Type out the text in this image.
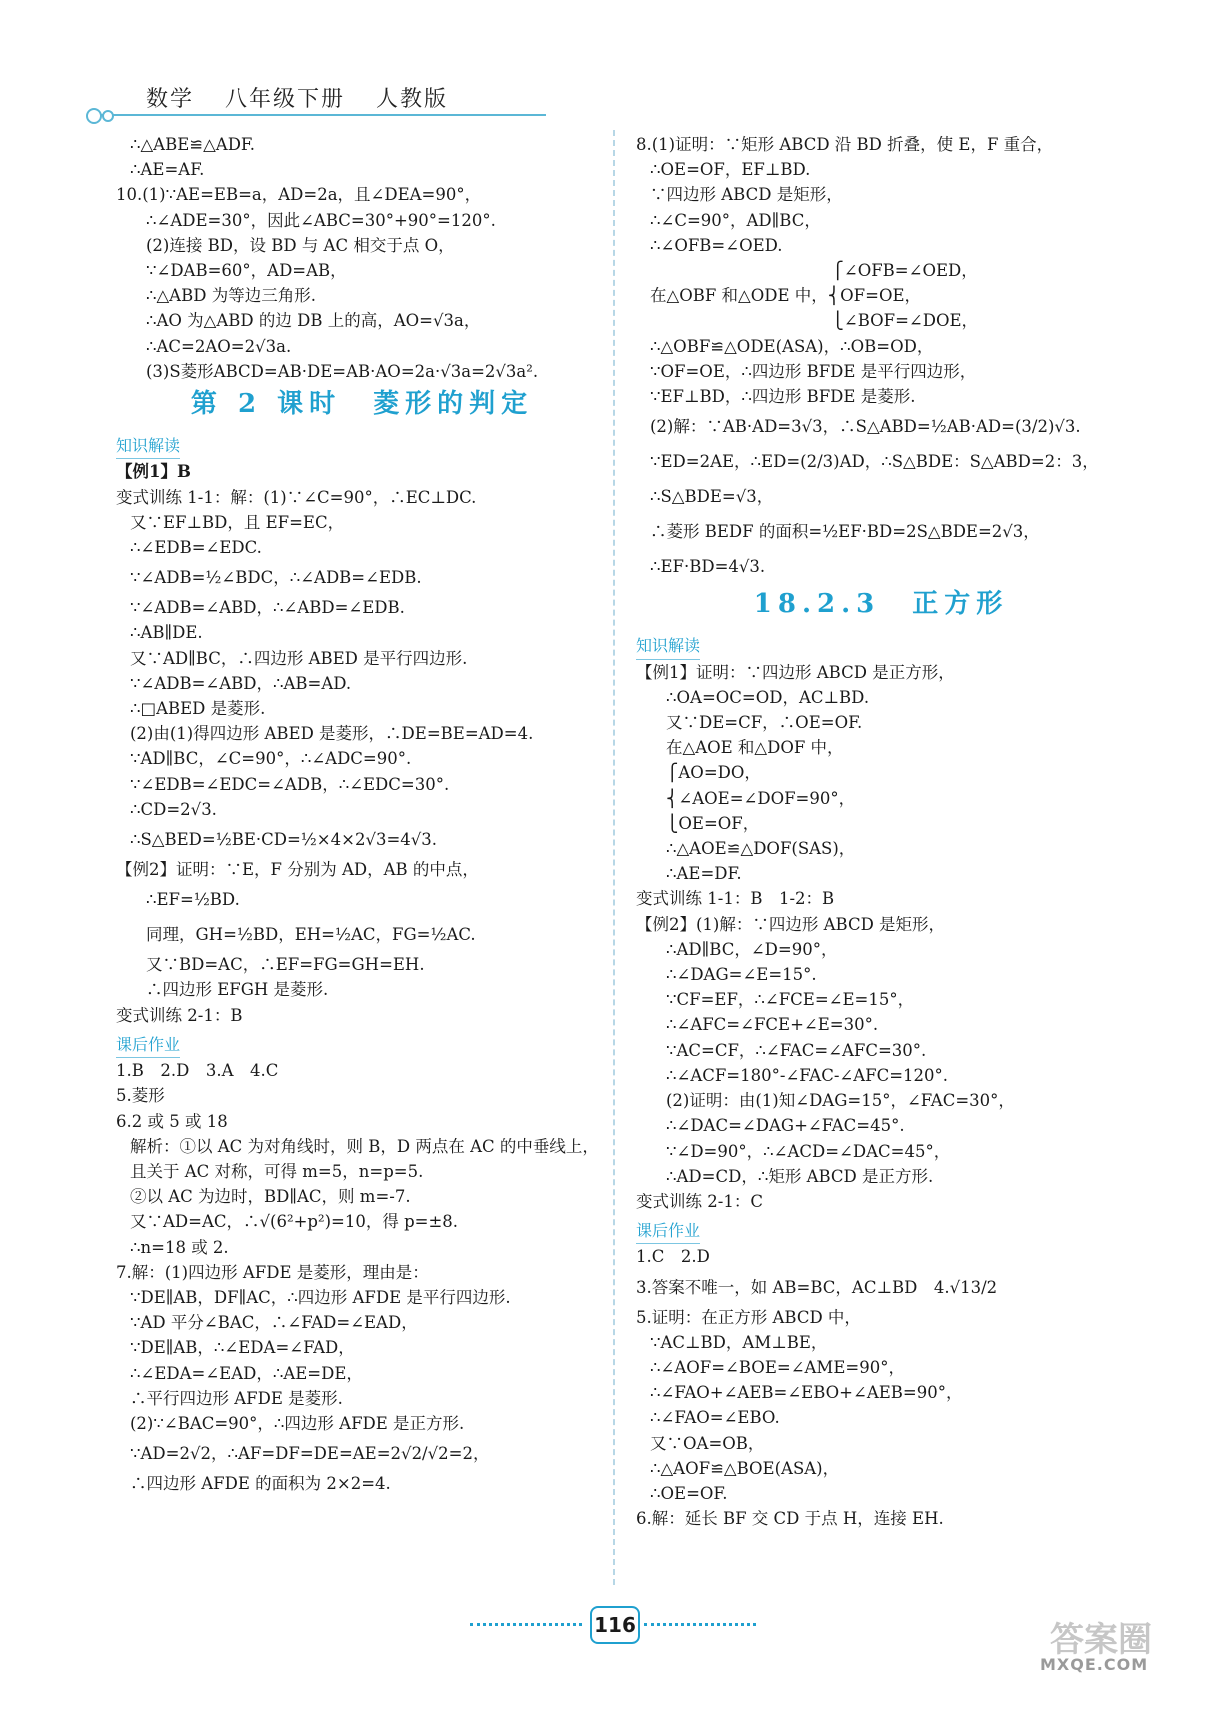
数学 八年级下册 人教版
∴△ABE≌△ADF.
∴AE=AF.
10.(1)∵AE=EB=a，AD=2a，且∠DEA=90°，
∴∠ADE=30°，因此∠ABC=30°+90°=120°.
(2)连接 BD，设 BD 与 AC 相交于点 O，
∵∠DAB=60°，AD=AB，
∴△ABD 为等边三角形.
∴AO 为△ABD 的边 DB 上的高，AO=√3a，
∴AC=2AO=2√3a.
(3)S菱形ABCD=AB·DE=AB·AO=2a·√3a=2√3a².
第 2 课时　菱形的判定
知识解读
【例1】B
变式训练 1-1：解：(1)∵∠C=90°，∴EC⊥DC.
又∵EF⊥BD，且 EF=EC，
∴∠EDB=∠EDC.
∵∠ADB=½∠BDC，∴∠ADB=∠EDB.
∵∠ADB=∠ABD，∴∠ABD=∠EDB.
∴AB∥DE.
又∵AD∥BC，∴四边形 ABED 是平行四边形.
∵∠ADB=∠ABD，∴AB=AD.
∴□ABED 是菱形.
(2)由(1)得四边形 ABED 是菱形，∴DE=BE=AD=4.
∵AD∥BC，∠C=90°，∴∠ADC=90°.
∵∠EDB=∠EDC=∠ADB，∴∠EDC=30°.
∴CD=2√3.
∴S△BED=½BE·CD=½×4×2√3=4√3.
【例2】证明：∵E，F 分别为 AD，AB 的中点，
∴EF=½BD.
同理，GH=½BD，EH=½AC，FG=½AC.
又∵BD=AC，∴EF=FG=GH=EH.
∴四边形 EFGH 是菱形.
变式训练 2-1：B
课后作业
1.B　2.D　3.A　4.C
5.菱形
6.2 或 5 或 18
解析：①以 AC 为对角线时，则 B，D 两点在 AC 的中垂线上，
且关于 AC 对称，可得 m=5，n=p=5.
②以 AC 为边时，BD∥AC，则 m=-7.
又∵AD=AC，∴√(6²+p²)=10，得 p=±8.
∴n=18 或 2.
7.解：(1)四边形 AFDE 是菱形，理由是：
∵DE∥AB，DF∥AC，∴四边形 AFDE 是平行四边形.
∵AD 平分∠BAC，∴∠FAD=∠EAD，
∵DE∥AB，∴∠EDA=∠FAD，
∴∠EDA=∠EAD，∴AE=DE，
∴平行四边形 AFDE 是菱形.
(2)∵∠BAC=90°，∴四边形 AFDE 是正方形.
∵AD=2√2，∴AF=DF=DE=AE=2√2/√2=2，
∴四边形 AFDE 的面积为 2×2=4.
8.(1)证明：∵矩形 ABCD 沿 BD 折叠，使 E，F 重合，
∴OE=OF，EF⊥BD.
∵四边形 ABCD 是矩形，
∴∠C=90°，AD∥BC，
∴∠OFB=∠OED.
　　　　　　　　　　　⎧∠OFB=∠OED，
在△OBF 和△ODE 中，⎨OF=OE，
　　　　　　　　　　　⎩∠BOF=∠DOE，
∴△OBF≌△ODE(ASA)，∴OB=OD，
∵OF=OE，∴四边形 BFDE 是平行四边形，
∵EF⊥BD，∴四边形 BFDE 是菱形.
(2)解：∵AB·AD=3√3，∴S△ABD=½AB·AD=(3/2)√3.
∵ED=2AE，∴ED=(2/3)AD，∴S△BDE：S△ABD=2：3，
∴S△BDE=√3，
∴菱形 BEDF 的面积=½EF·BD=2S△BDE=2√3，
∴EF·BD=4√3.
18.2.3　正方形
知识解读
【例1】证明：∵四边形 ABCD 是正方形，
∴OA=OC=OD，AC⊥BD.
又∵DE=CF，∴OE=OF.
在△AOE 和△DOF 中，
⎧AO=DO，
⎨∠AOE=∠DOF=90°，
⎩OE=OF，
∴△AOE≌△DOF(SAS)，
∴AE=DF.
变式训练 1-1：B　1-2：B
【例2】(1)解：∵四边形 ABCD 是矩形，
∴AD∥BC，∠D=90°，
∴∠DAG=∠E=15°.
∵CF=EF，∴∠FCE=∠E=15°，
∴∠AFC=∠FCE+∠E=30°.
∵AC=CF，∴∠FAC=∠AFC=30°.
∴∠ACF=180°-∠FAC-∠AFC=120°.
(2)证明：由(1)知∠DAG=15°，∠FAC=30°，
∴∠DAC=∠DAG+∠FAC=45°.
∵∠D=90°，∴∠ACD=∠DAC=45°，
∴AD=CD，∴矩形 ABCD 是正方形.
变式训练 2-1：C
课后作业
1.C　2.D
3.答案不唯一，如 AB=BC，AC⊥BD　4.√13/2
5.证明：在正方形 ABCD 中，
∵AC⊥BD，AM⊥BE，
∴∠AOF=∠BOE=∠AME=90°，
∴∠FAO+∠AEB=∠EBO+∠AEB=90°，
∴∠FAO=∠EBO.
又∵OA=OB，
∴△AOF≌△BOE(ASA)，
∴OE=OF.
6.解：延长 BF 交 CD 于点 H，连接 EH.
116	答案圈
MXQE.COM
